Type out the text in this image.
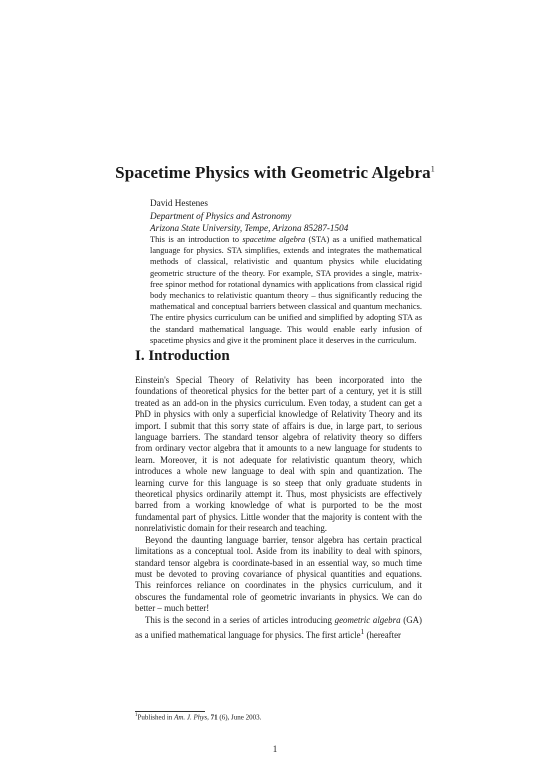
Spacetime Physics with Geometric Algebra$^1$
David Hestenes
Department of Physics and Astronomy
Arizona State University, Tempe, Arizona 85287-1504

This is an introduction to spacetime algebra (STA) as a unified mathematical language for physics. STA simplifies, extends and integrates the mathematical methods of classical, relativistic and quantum physics while elucidating geometric structure of the theory. For example, STA provides a single, matrix-free spinor method for rotational dynamics with applications from classical rigid body mechanics to relativistic quantum theory – thus significantly reducing the mathematical and conceptual barriers between classical and quantum mechanics. The entire physics curriculum can be unified and simplified by adopting STA as the standard mathematical language. This would enable early infusion of spacetime physics and give it the prominent place it deserves in the curriculum.

I. Introduction

Einstein's Special Theory of Relativity has been incorporated into the foundations of theoretical physics for the better part of a century, yet it is still treated as an add-on in the physics curriculum. Even today, a student can get a PhD in physics with only a superficial knowledge of Relativity Theory and its import. I submit that this sorry state of affairs is due, in large part, to serious language barriers. The standard tensor algebra of relativity theory so differs from ordinary vector algebra that it amounts to a new language for students to learn. Moreover, it is not adequate for relativistic quantum theory, which introduces a whole new language to deal with spin and quantization. The learning curve for this language is so steep that only graduate students in theoretical physics ordinarily attempt it. Thus, most physicists are effectively barred from a working knowledge of what is purported to be the most fundamental part of physics. Little wonder that the majority is content with the nonrelativistic domain for their research and teaching.

Beyond the daunting language barrier, tensor algebra has certain practical limitations as a conceptual tool. Aside from its inability to deal with spinors, standard tensor algebra is coordinate-based in an essential way, so much time must be devoted to proving covariance of physical quantities and equations. This reinforces reliance on coordinates in the physics curriculum, and it obscures the fundamental role of geometric invariants in physics. We can do better – much better!

This is the second in a series of articles introducing geometric algebra (GA) as a unified mathematical language for physics. The first article$^1$ (hereafter

$^1$Published in Am. J. Phys, 71 (6), June 2003.
1
